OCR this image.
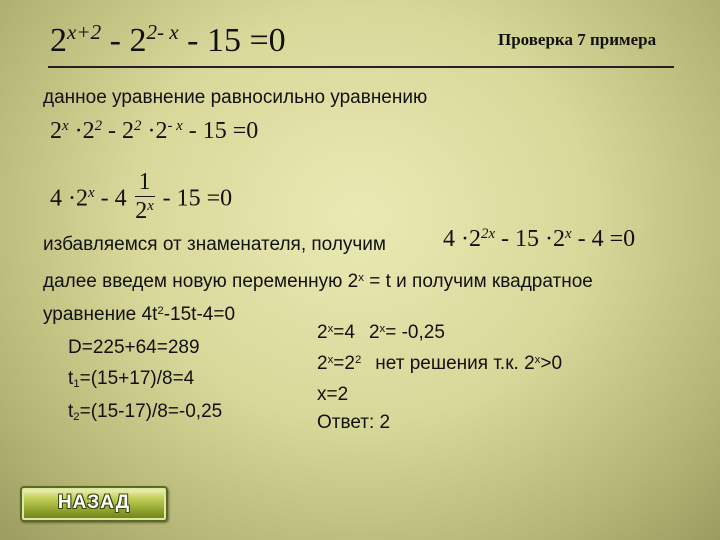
$2^{x+2} - 2^{2- x} - 15 =0$	Проверка 7 примера
данное уравнение равносильно уравнению
$2^x \cdot 2^2 - 2^2 \cdot 2^{- x} - 15 =0$
$4 \cdot 2^x - 4 \frac{1}{2^x} - 15 =0$
избавляемся от знаменателя, получим $4 \cdot 2^{2x} - 15 \cdot 2^x - 4 =0$
далее введем новую переменную $2^x = t$ и получим квадратное
уравнение $4t^2-15t-4=0$
D=225+64=289
t1=(15+17)/8=4
t2=(15-17)/8=-0,25
$2^x=4$ $2^x= -0,25$
$2^x=2^2$ нет решения т.к. $2^x>0$
x=2
Ответ: 2
НАЗАД
